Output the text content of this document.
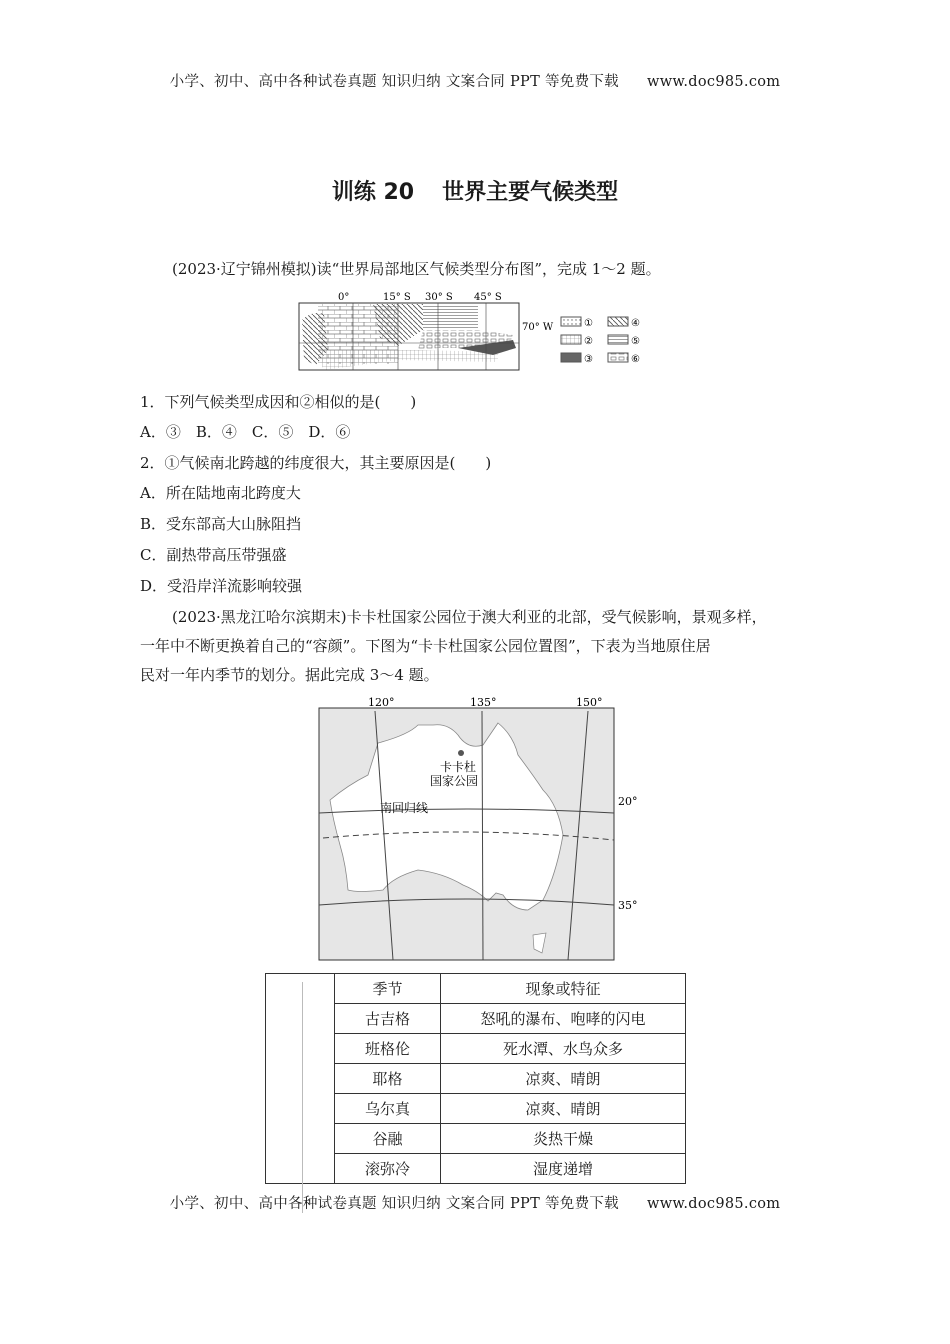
小学、初中、高中各种试卷真题 知识归纳 文案合同 PPT 等免费下载 www.doc985.com
训练 20 世界主要气候类型
(2023·辽宁锦州模拟)读“世界局部地区气候类型分布图”，完成 1～2 题。
0°	15° S 30° S 45° S
70° W	①	④
②	⑤
③	⑥
1．下列气候类型成因和②相似的是(　　)
A．③　B．④　C．⑤　D．⑥
2．①气候南北跨越的纬度很大，其主要原因是(　　)
A．所在陆地南北跨度大
B．受东部高大山脉阻挡
C．副热带高压带强盛
D．受沿岸洋流影响较强
(2023·黑龙江哈尔滨期末)卡卡杜国家公园位于澳大利亚的北部，受气候影响，景观多样，
一年中不断更换着自己的“容颜”。下图为“卡卡杜国家公园位置图”，下表为当地原住居
民对一年内季节的划分。据此完成 3～4 题。
120°	135°	150°
20°
35°
卡卡杜
国家公园
南回归线
	季节	现象或特征
	古吉格	怒吼的瀑布、咆哮的闪电
	班格伦	死水潭、水鸟众多
	耶格	凉爽、晴朗
	乌尔真	凉爽、晴朗
	谷融	炎热干燥
	滚弥冷	湿度递增
小学、初中、高中各种试卷真题 知识归纳 文案合同 PPT 等免费下载 www.doc985.com
